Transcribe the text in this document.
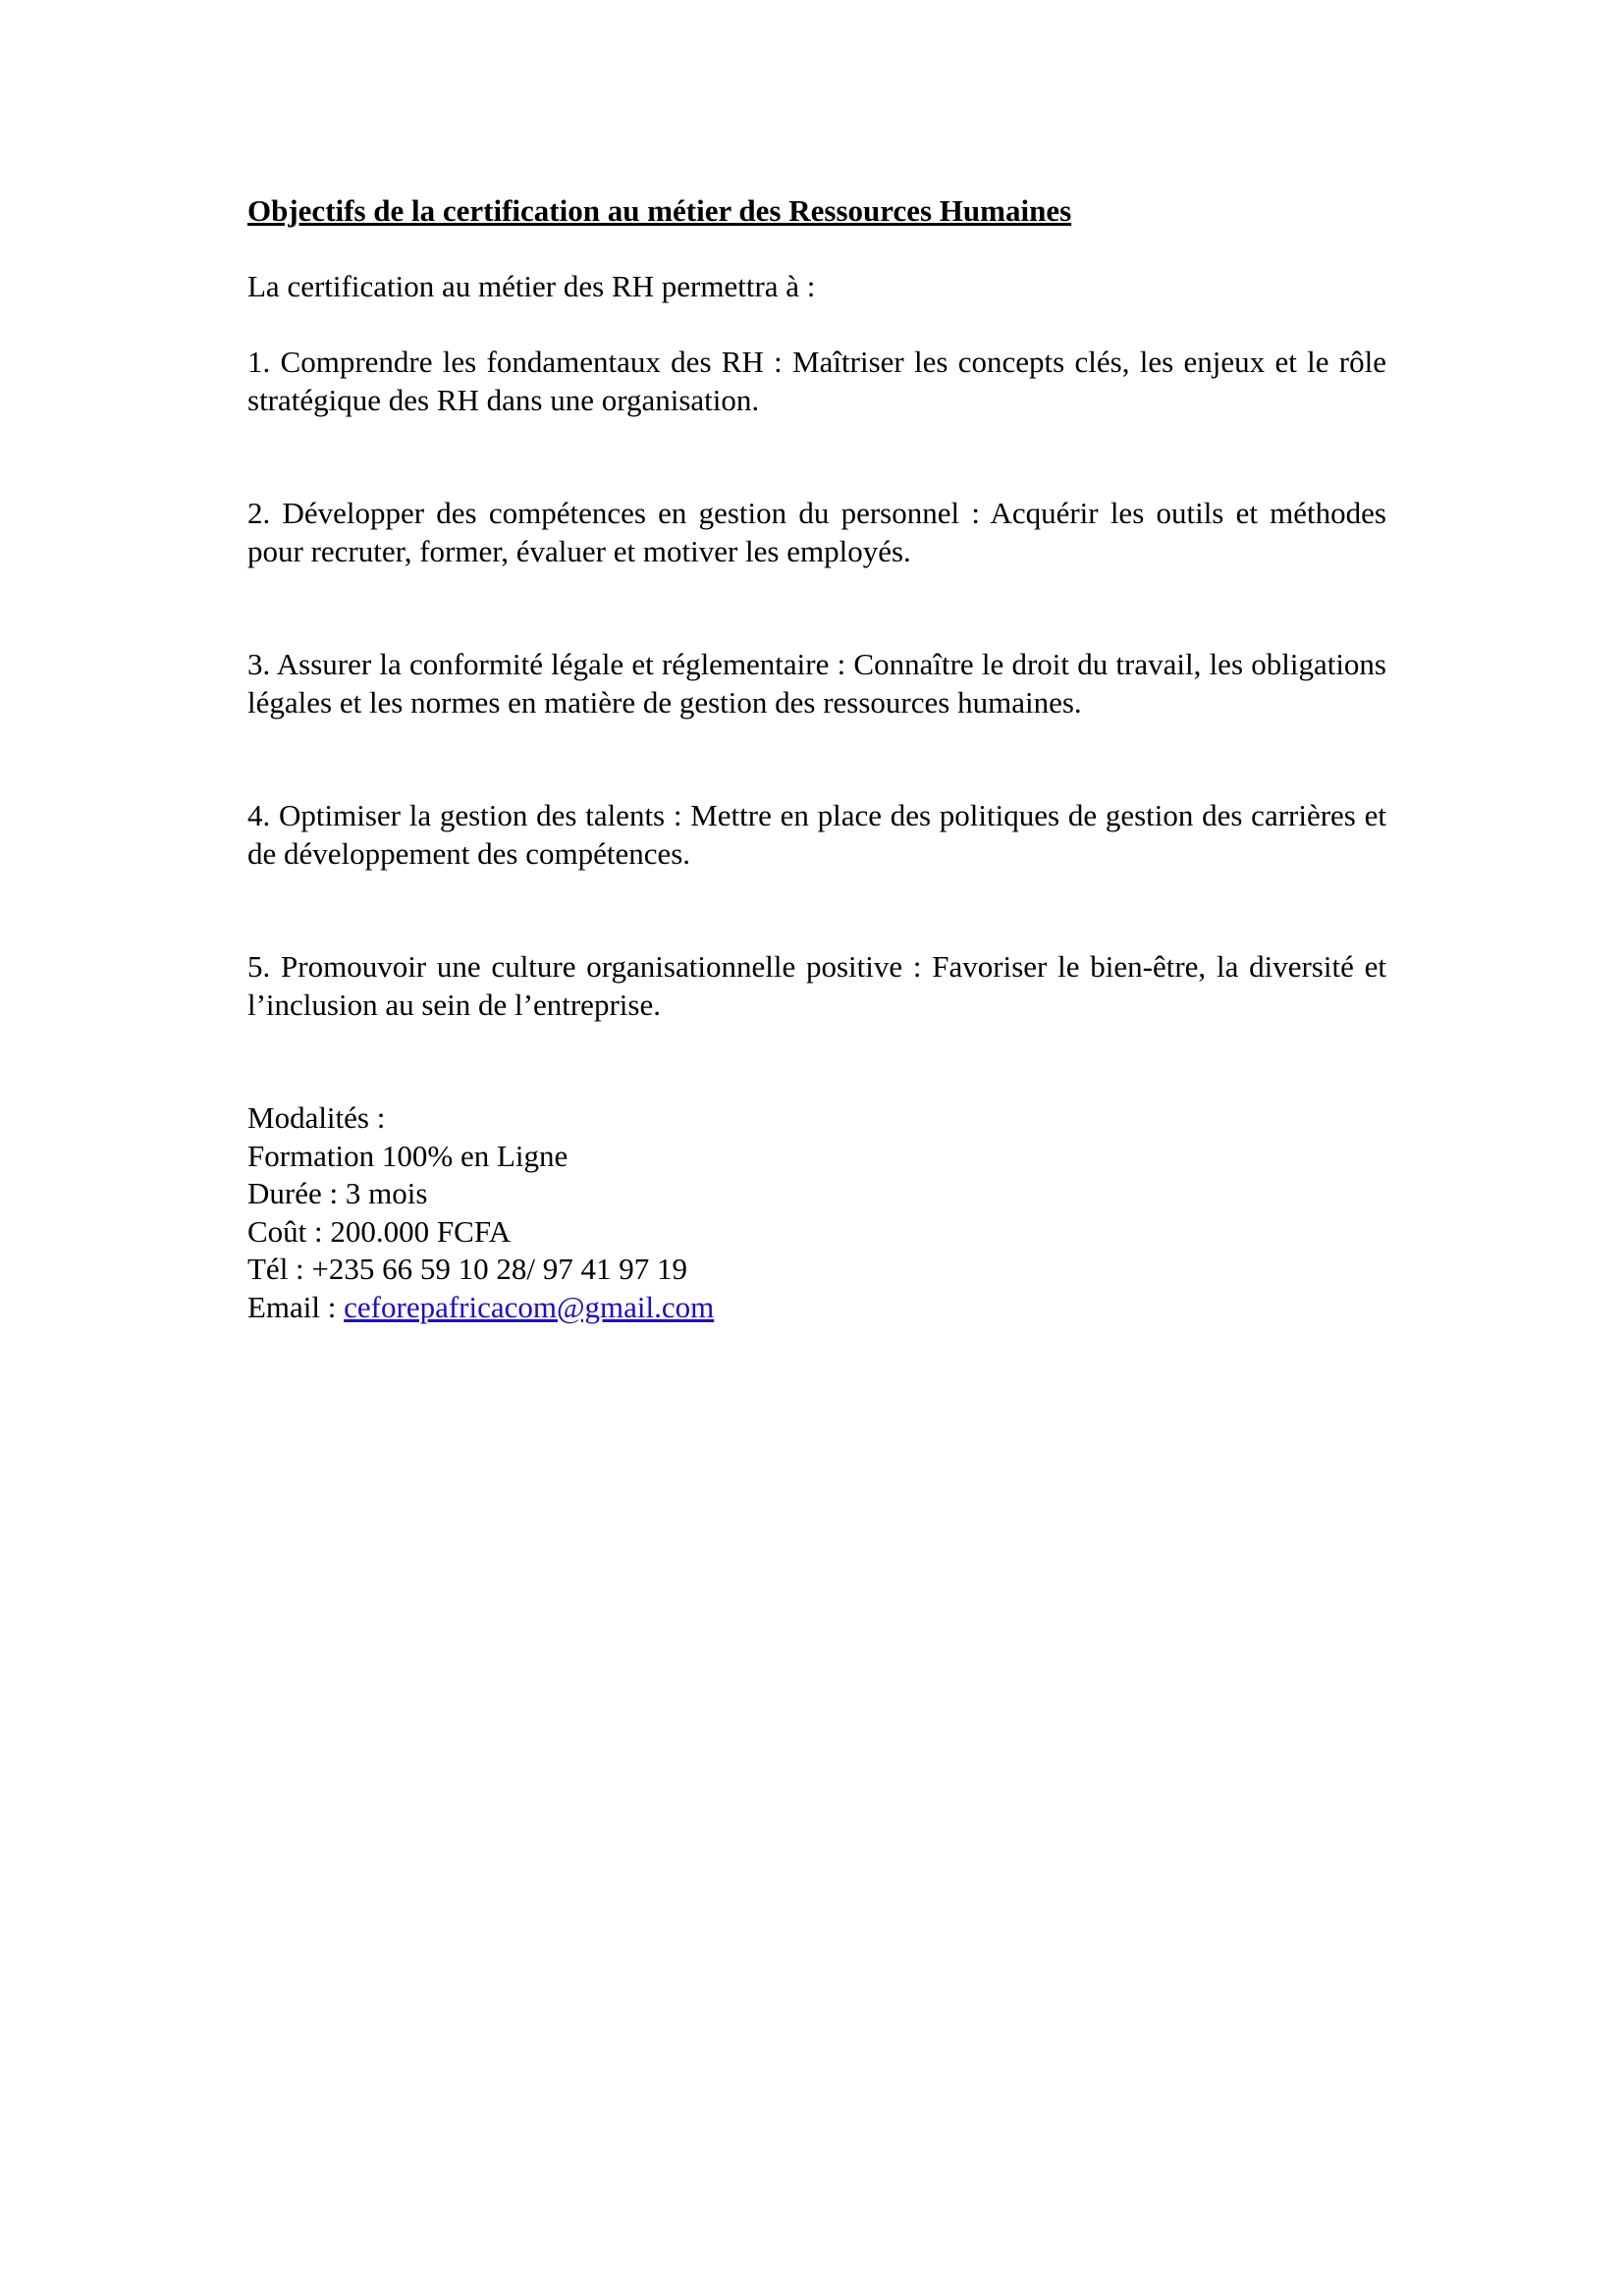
Objectifs de la certification au métier des Ressources Humaines

La certification au métier des RH permettra à :

1. Comprendre les fondamentaux des RH : Maîtriser les concepts clés, les enjeux et le rôle stratégique des RH dans une organisation.

2. Développer des compétences en gestion du personnel : Acquérir les outils et méthodes pour recruter, former, évaluer et motiver les employés.

3. Assurer la conformité légale et réglementaire : Connaître le droit du travail, les obligations légales et les normes en matière de gestion des ressources humaines.

4. Optimiser la gestion des talents : Mettre en place des politiques de gestion des carrières et de développement des compétences.

5. Promouvoir une culture organisationnelle positive : Favoriser le bien-être, la diversité et l’inclusion au sein de l’entreprise.

Modalités :
Formation 100% en Ligne
Durée : 3 mois
Coût : 200.000 FCFA
Tél : +235 66 59 10 28/ 97 41 97 19
Email : ceforepafricacom@gmail.com
